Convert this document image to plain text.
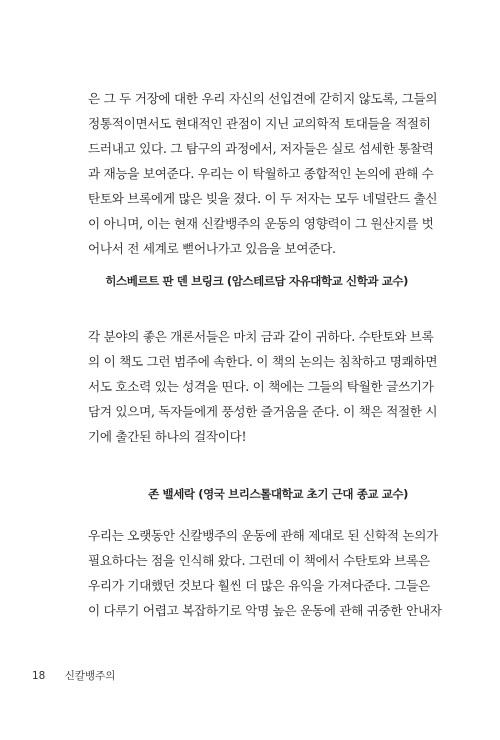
은 그 두 거장에 대한 우리 자신의 선입견에 갇히지 않도록, 그들의
정통적이면서도 현대적인 관점이 지닌 교의학적 토대들을 적절히
드러내고 있다. 그 탐구의 과정에서, 저자들은 실로 섬세한 통찰력
과 재능을 보여준다. 우리는 이 탁월하고 종합적인 논의에 관해 수
탄토와 브록에게 많은 빚을 졌다. 이 두 저자는 모두 네덜란드 출신
이 아니며, 이는 현재 신칼뱅주의 운동의 영향력이 그 원산지를 벗
어나서 전 세계로 뻗어나가고 있음을 보여준다.
히스베르트 판 덴 브링크 (암스테르담 자유대학교 신학과 교수)
각 분야의 좋은 개론서들은 마치 금과 같이 귀하다. 수탄토와 브록
의 이 책도 그런 범주에 속한다. 이 책의 논의는 침착하고 명쾌하면
서도 호소력 있는 성격을 띤다. 이 책에는 그들의 탁월한 글쓰기가
담겨 있으며, 독자들에게 풍성한 즐거움을 준다. 이 책은 적절한 시
기에 출간된 하나의 걸작이다!
존 밸세락 (영국 브리스톨대학교 초기 근대 종교 교수)
우리는 오랫동안 신칼뱅주의 운동에 관해 제대로 된 신학적 논의가
필요하다는 점을 인식해 왔다. 그런데 이 책에서 수탄토와 브록은
우리가 기대했던 것보다 훨씬 더 많은 유익을 가져다준다. 그들은
이 다루기 어렵고 복잡하기로 악명 높은 운동에 관해 귀중한 안내자
18 신칼뱅주의
